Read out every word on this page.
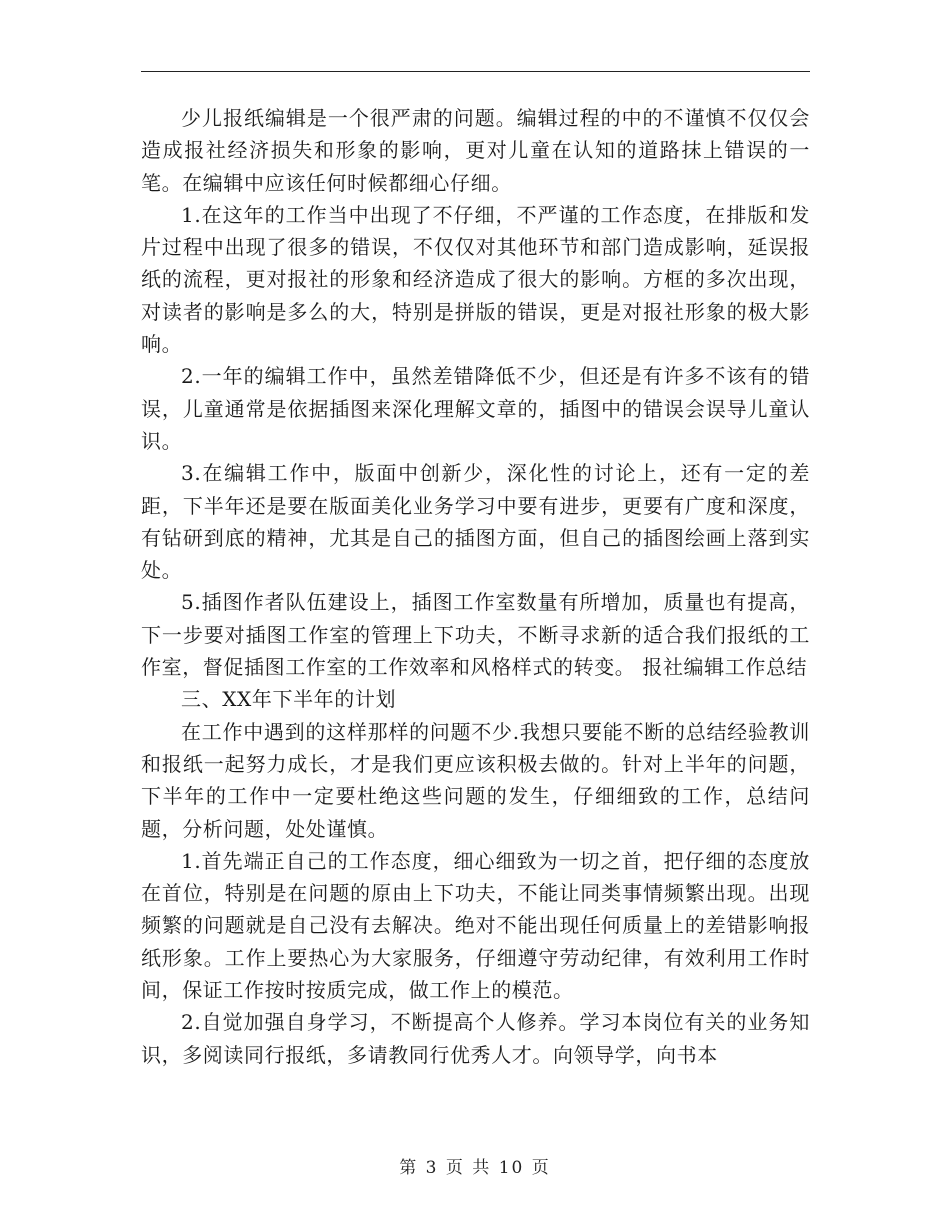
少儿报纸编辑是一个很严肃的问题。编辑过程的中的不谨慎不仅仅会造成报社经济损失和形象的影响，更对儿童在认知的道路抹上错误的一笔。在编辑中应该任何时候都细心仔细。

1.在这年的工作当中出现了不仔细，不严谨的工作态度，在排版和发片过程中出现了很多的错误，不仅仅对其他环节和部门造成影响，延误报纸的流程，更对报社的形象和经济造成了很大的影响。方框的多次出现，对读者的影响是多么的大，特别是拼版的错误，更是对报社形象的极大影响。

2.一年的编辑工作中，虽然差错降低不少，但还是有许多不该有的错误，儿童通常是依据插图来深化理解文章的，插图中的错误会误导儿童认识。

3.在编辑工作中，版面中创新少，深化性的讨论上，还有一定的差距，下半年还是要在版面美化业务学习中要有进步，更要有广度和深度，有钻研到底的精神，尤其是自己的插图方面，但自己的插图绘画上落到实处。

5.插图作者队伍建设上，插图工作室数量有所增加，质量也有提高，下一步要对插图工作室的管理上下功夫，不断寻求新的适合我们报纸的工作室，督促插图工作室的工作效率和风格样式的转变。 报社编辑工作总结

三、XX年下半年的计划

在工作中遇到的这样那样的问题不少.我想只要能不断的总结经验教训和报纸一起努力成长，才是我们更应该积极去做的。针对上半年的问题，下半年的工作中一定要杜绝这些问题的发生，仔细细致的工作，总结问题，分析问题，处处谨慎。

1.首先端正自己的工作态度，细心细致为一切之首，把仔细的态度放在首位，特别是在问题的原由上下功夫，不能让同类事情频繁出现。出现频繁的问题就是自己没有去解决。绝对不能出现任何质量上的差错影响报纸形象。工作上要热心为大家服务，仔细遵守劳动纪律，有效利用工作时间，保证工作按时按质完成，做工作上的模范。

2.自觉加强自身学习，不断提高个人修养。学习本岗位有关的业务知识，多阅读同行报纸，多请教同行优秀人才。向领导学，向书本

第 3 页 共 10 页
